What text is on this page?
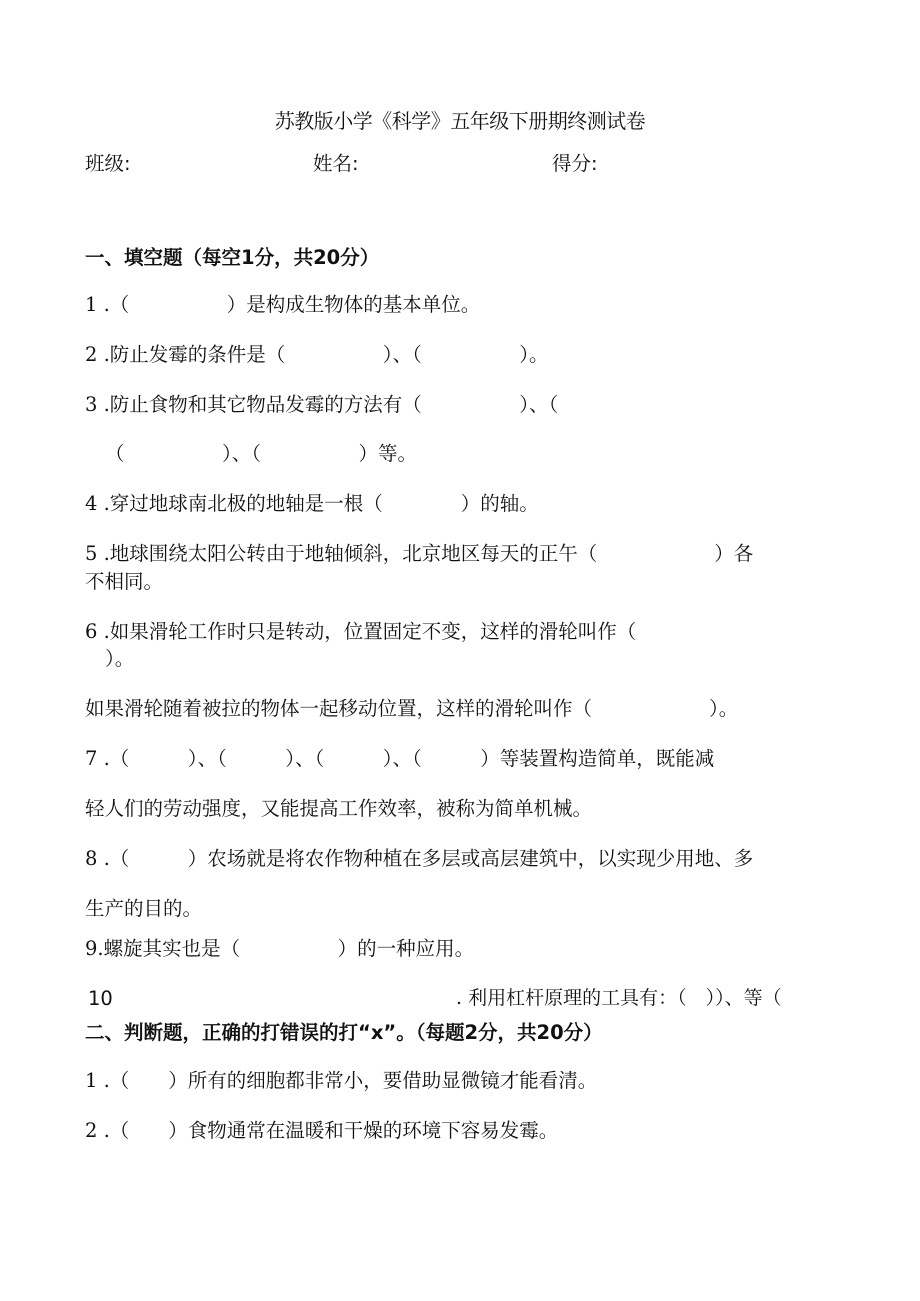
苏教版小学《科学》五年级下册期终测试卷
班级:	姓名:	得分:
一、填空题（每空1分，共20分）
1 .（　　　　　）是构成生物体的基本单位。
2 .防止发霉的条件是（　　　　　）、（　　　　　）。
3 .防止食物和其它物品发霉的方法有（　　　　　）、（
（　　　　　）、（　　　　　）等。
4 .穿过地球南北极的地轴是一根（　　　　）的轴。
5 .地球围绕太阳公转由于地轴倾斜，北京地区每天的正午（　　　　　　）各
不相同。
6 .如果滑轮工作时只是转动，位置固定不变，这样的滑轮叫作（
）。
如果滑轮随着被拉的物体一起移动位置，这样的滑轮叫作（　　　　　　）。
7 .（　　　）、（　　　）、（　　　）、（　　　）等装置构造简单，既能减
轻人们的劳动强度，又能提高工作效率，被称为简单机械。
8 .（　　　）农场就是将农作物种植在多层或高层建筑中，以实现少用地、多
生产的目的。
9.螺旋其实也是（　　　　　）的一种应用。
10	. 利用杠杆原理的工具有：（　））、等（
二、判断题，正确的打错误的打“x”。（每题2分，共20分）
1 .（　　）所有的细胞都非常小，要借助显微镜才能看清。
2 .（　　）食物通常在温暖和干燥的环境下容易发霉。
